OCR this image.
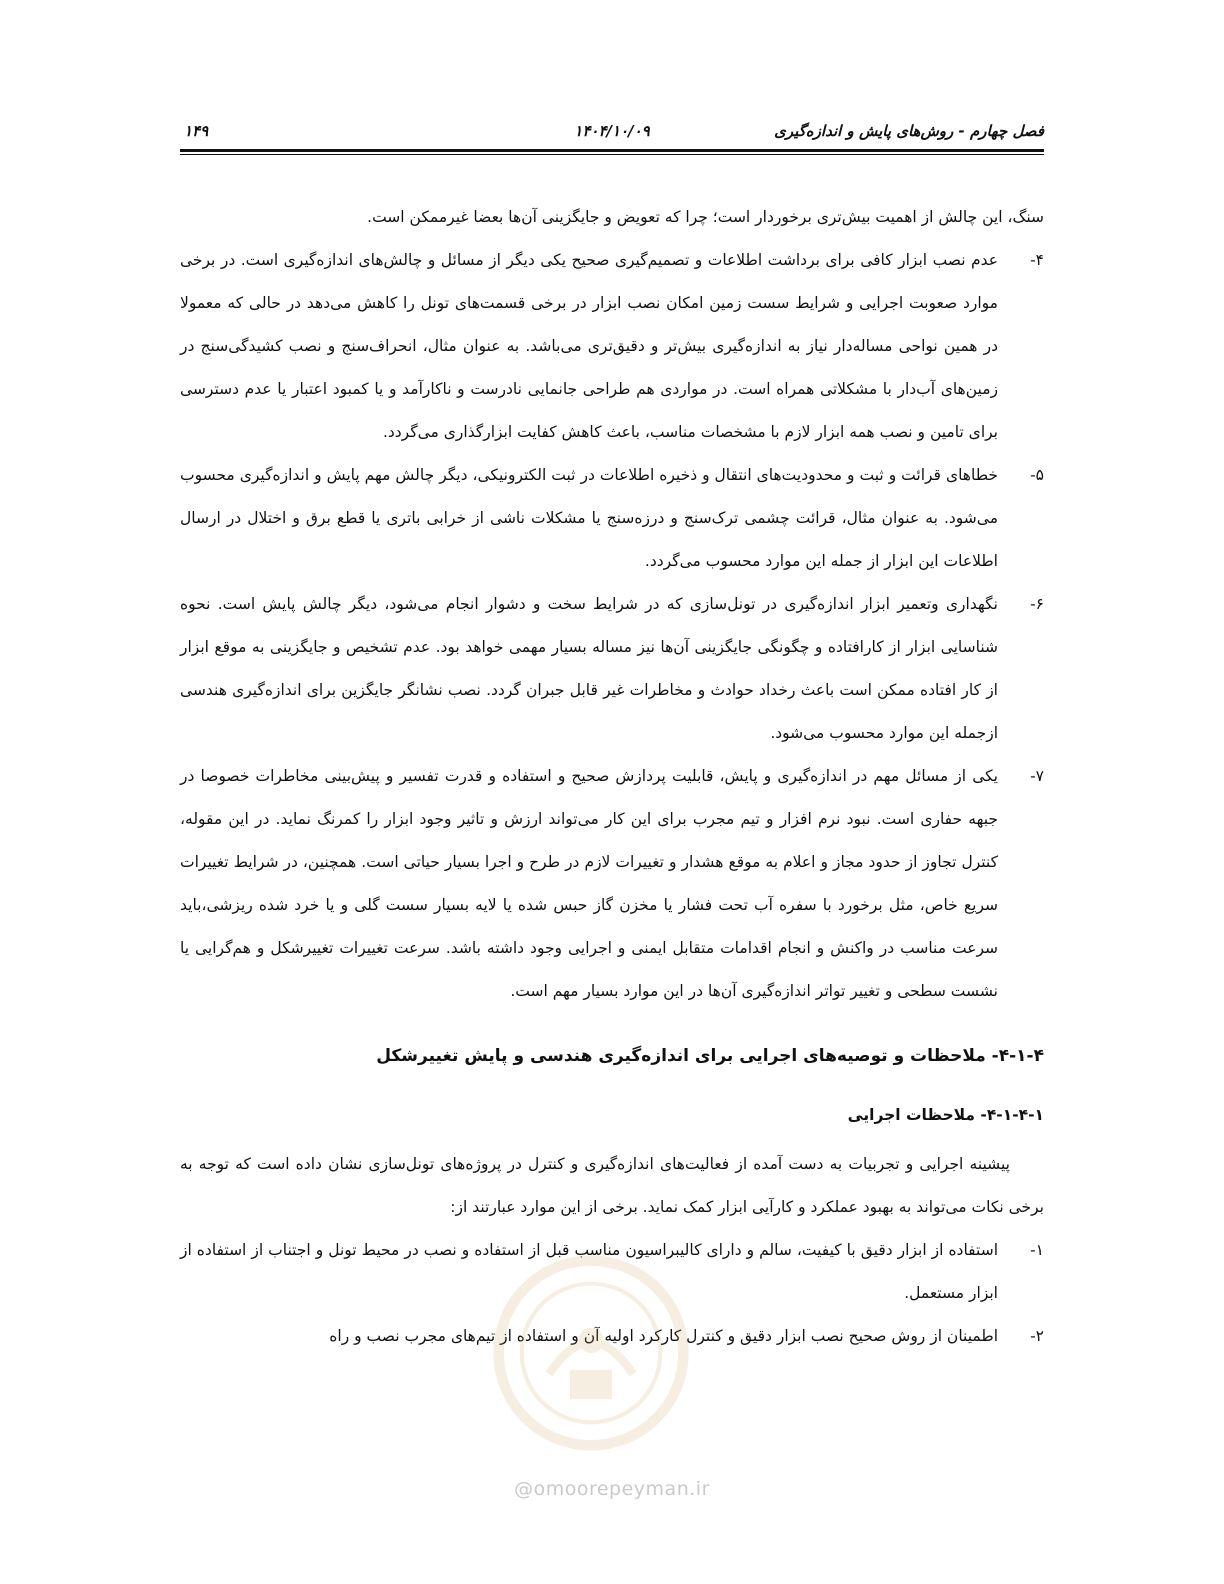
فصل چهارم - روش‌های پایش و اندازه‌گیری
۱۴۰۴/۱۰/۰۹
۱۴۹

سنگ، این چالش از اهمیت بیش‌تری برخوردار است؛ چرا که تعویض و جایگزینی آن‌ها بعضا غیرممکن است.

۴-
عدم نصب ابزار کافی برای برداشت اطلاعات و تصمیم‌گیری صحیح یکی دیگر از مسائل و چالش‌های اندازه‌گیری است. در برخی موارد صعوبت اجرایی و شرایط سست زمین امکان نصب ابزار در برخی قسمت‌های تونل را کاهش می‌دهد در حالی که معمولا در همین نواحی مساله‌دار نیاز به اندازه‌گیری بیش‌تر و دقیق‌تری می‌باشد. به عنوان مثال، انحراف‌سنج و نصب کشیدگی‌سنج در زمین‌های آب‌دار با مشکلاتی همراه است. در مواردی هم طراحی جانمایی نادرست و ناکارآمد و یا کمبود اعتبار یا عدم دسترسی برای تامین و نصب همه ابزار لازم با مشخصات مناسب، باعث کاهش کفایت ابزارگذاری می‌گردد.
۵-
خطاهای قرائت و ثبت و محدودیت‌های انتقال و ذخیره اطلاعات در ثبت الکترونیکی، دیگر چالش مهم پایش و اندازه‌گیری محسوب می‌شود. به عنوان مثال، قرائت چشمی ترک‌سنج و درزه‌سنج یا مشکلات ناشی از خرابی باتری یا قطع برق و اختلال در ارسال اطلاعات این ابزار از جمله این موارد محسوب می‌گردد.
۶-
نگهداری وتعمیر ابزار اندازه‌گیری در تونل‌سازی که در شرایط سخت و دشوار انجام می‌شود، دیگر چالش پایش است. نحوه شناسایی ابزار از کارافتاده و چگونگی جایگزینی آن‌ها نیز مساله بسیار مهمی خواهد بود. عدم تشخیص و جایگزینی به موقع ابزار از کار افتاده ممکن است باعث رخداد حوادث و مخاطرات غیر قابل جبران گردد. نصب نشانگر جایگزین برای اندازه‌گیری هندسی ازجمله این موارد محسوب می‌شود.
۷-
یکی از مسائل مهم در اندازه‌گیری و پایش، قابلیت پردازش صحیح و استفاده و قدرت تفسیر و پیش‌بینی مخاطرات خصوصا در جبهه حفاری است. نبود نرم افزار و تیم مجرب برای این کار می‌تواند ارزش و تاثیر وجود ابزار را کمرنگ نماید. در این مقوله، کنترل تجاوز از حدود مجاز و اعلام به موقع هشدار و تغییرات لازم در طرح و اجرا بسیار حیاتی است. همچنین، در شرایط تغییرات سریع خاص، مثل برخورد با سفره آب تحت فشار یا مخزن گاز حبس شده یا لایه بسیار سست گلی و یا خرد شده ریزشی،باید سرعت مناسب در واکنش و انجام اقدامات متقابل ایمنی و اجرایی وجود داشته باشد. سرعت تغییرات تغییرشکل و هم‌گرایی یا نشست سطحی و تغییر تواتر اندازه‌گیری آن‌ها در این موارد بسیار مهم است.

۴-۱-۴- ملاحظات و توصیه‌های اجرایی برای اندازه‌گیری هندسی و پایش تغییرشکل

۴-۱-۴-۱- ملاحظات اجرایی

پیشینه اجرایی و تجربیات به دست آمده از فعالیت‌های اندازه‌گیری و کنترل در پروژه‌های تونل‌سازی نشان داده است که توجه به برخی نکات می‌تواند به بهبود عملکرد و کارآیی ابزار کمک نماید. برخی از این موارد عبارتند از:

۱-
استفاده از ابزار دقیق با کیفیت، سالم و دارای کالیبراسیون مناسب قبل از استفاده و نصب در محیط تونل و اجتناب از استفاده از ابزار مستعمل.
۲-
اطمینان از روش صحیح نصب ابزار دقیق و کنترل کارکرد اولیه آن و استفاده از تیم‌های مجرب نصب و راه
@omoorepeyman.ir
